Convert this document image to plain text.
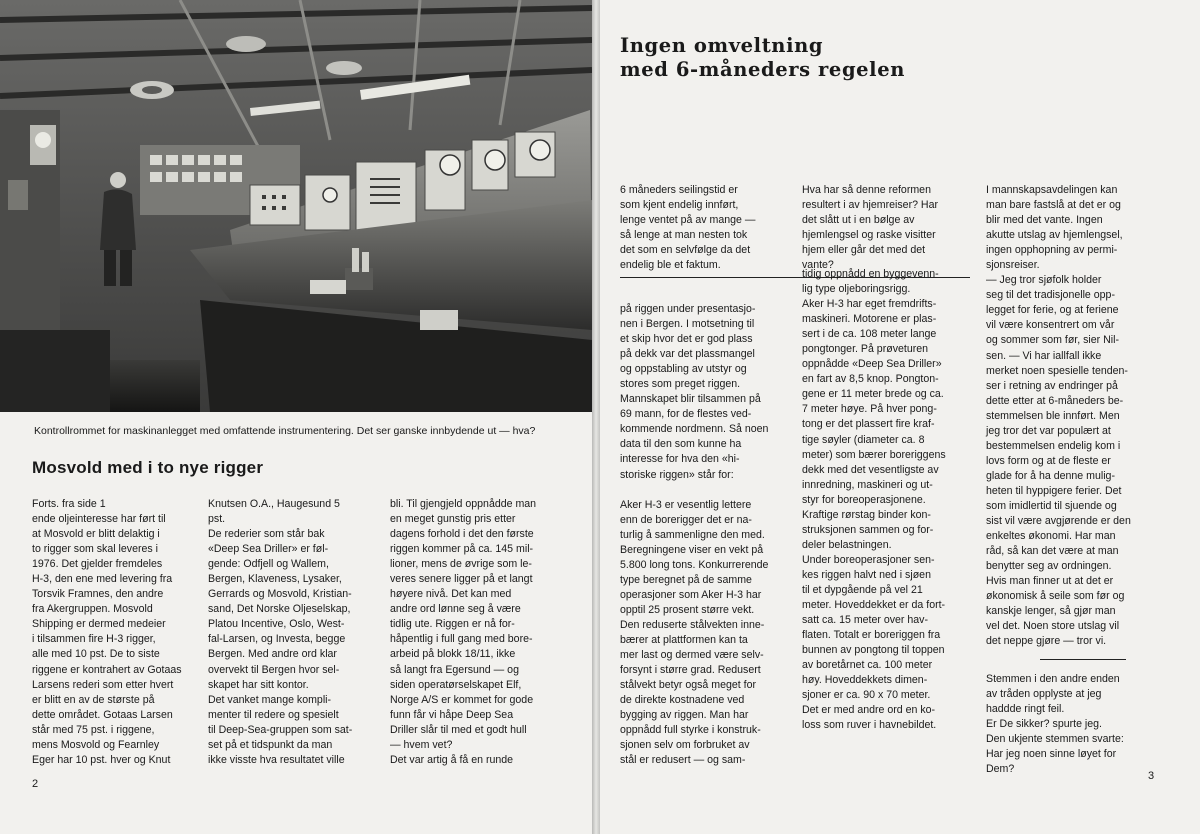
Kontrollrommet for maskinanlegget med omfattende instrumentering. Det ser ganske innbydende ut — hva?
Mosvold med i to nye rigger
Forts. fra side 1
ende oljeinteresse har ført til
at Mosvold er blitt delaktig i
to rigger som skal leveres i
1976. Det gjelder fremdeles
H-3, den ene med levering fra
Torsvik Framnes, den andre
fra Akergruppen. Mosvold
Shipping er dermed medeier
i tilsammen fire H-3 rigger,
alle med 10 pst. De to siste
riggene er kontrahert av Gotaas
Larsens rederi som etter hvert
er blitt en av de største på
dette området. Gotaas Larsen
står med 75 pst. i riggene,
mens Mosvold og Fearnley
Eger har 10 pst. hver og Knut
Knutsen O.A., Haugesund 5
pst.
De rederier som står bak
«Deep Sea Driller» er føl-
gende: Odfjell og Wallem,
Bergen, Klaveness, Lysaker,
Gerrards og Mosvold, Kristian-
sand, Det Norske Oljeselskap,
Platou Incentive, Oslo, West-
fal-Larsen, og Investa, begge
Bergen. Med andre ord klar
overvekt til Bergen hvor sel-
skapet har sitt kontor.
Det vanket mange kompli-
menter til redere og spesielt
til Deep-Sea-gruppen som sat-
set på et tidspunkt da man
ikke visste hva resultatet ville
bli. Til gjengjeld oppnådde man
en meget gunstig pris etter
dagens forhold i det den første
riggen kommer på ca. 145 mil-
lioner, mens de øvrige som le-
veres senere ligger på et langt
høyere nivå. Det kan med
andre ord lønne seg å være
tidlig ute. Riggen er nå for-
håpentlig i full gang med bore-
arbeid på blokk 18/11, ikke
så langt fra Egersund — og
siden operatørselskapet Elf,
Norge A/S er kommet for gode
funn får vi håpe Deep Sea
Driller slår til med et godt hull
— hvem vet?
Det var artig å få en runde
2
Ingen omveltning
med 6-måneders regelen
6 måneders seilingstid er
som kjent endelig innført,
lenge ventet på av mange —
så lenge at man nesten tok
det som en selvfølge da det
endelig ble et faktum.
Hva har så denne reformen
resultert i av hjemreiser? Har
det slått ut i en bølge av
hjemlengsel og raske visitter
hjem eller går det med det
vante?
på riggen under presentasjo-
nen i Bergen. I motsetning til
et skip hvor det er god plass
på dekk var det plassmangel
og oppstabling av utstyr og
stores som preget riggen.
Mannskapet blir tilsammen på
69 mann, for de flestes ved-
kommende nordmenn. Så noen
data til den som kunne ha
interesse for hva den «hi-
storiske riggen» står for:

Aker H-3 er vesentlig lettere
enn de borerigger det er na-
turlig å sammenligne den med.
Beregningene viser en vekt på
5.800 long tons. Konkurrerende
type beregnet på de samme
operasjoner som Aker H-3 har
opptil 25 prosent større vekt.
Den reduserte stålvekten inne-
bærer at plattformen kan ta
mer last og dermed være selv-
forsynt i større grad. Redusert
stålvekt betyr også meget for
de direkte kostnadene ved
bygging av riggen. Man har
oppnådd full styrke i konstruk-
sjonen selv om forbruket av
stål er redusert — og sam-
tidig oppnådd en byggevenn-
lig type oljeboringsrigg.
Aker H-3 har eget fremdrifts-
maskineri. Motorene er plas-
sert i de ca. 108 meter lange
pongtonger. På prøveturen
oppnådde «Deep Sea Driller»
en fart av 8,5 knop. Pongton-
gene er 11 meter brede og ca.
7 meter høye. På hver pong-
tong er det plassert fire kraf-
tige søyler (diameter ca. 8
meter) som bærer boreriggens
dekk med det vesentligste av
innredning, maskineri og ut-
styr for boreoperasjonene.
Kraftige rørstag binder kon-
struksjonen sammen og for-
deler belastningen.
Under boreoperasjoner sen-
kes riggen halvt ned i sjøen
til et dypgående på vel 21
meter. Hoveddekket er da fort-
satt ca. 15 meter over hav-
flaten. Totalt er boreriggen fra
bunnen av pongtong til toppen
av boretårnet ca. 100 meter
høy. Hoveddekkets dimen-
sjoner er ca. 90 x 70 meter.
Det er med andre ord en ko-
loss som ruver i havnebildet.
I mannskapsavdelingen kan
man bare fastslå at det er og
blir med det vante. Ingen
akutte utslag av hjemlengsel,
ingen opphopning av permi-
sjonsreiser.
— Jeg tror sjøfolk holder
seg til det tradisjonelle opp-
legget for ferie, og at feriene
vil være konsentrert om vår
og sommer som før, sier Nil-
sen. — Vi har iallfall ikke
merket noen spesielle tenden-
ser i retning av endringer på
dette etter at 6-måneders be-
stemmelsen ble innført. Men
jeg tror det var populært at
bestemmelsen endelig kom i
lovs form og at de fleste er
glade for å ha denne mulig-
heten til hyppigere ferier. Det
som imidlertid til sjuende og
sist vil være avgjørende er den
enkeltes økonomi. Har man
råd, så kan det være at man
benytter seg av ordningen.
Hvis man finner ut at det er
økonomisk å seile som før og
kanskje lenger, så gjør man
vel det. Noen store utslag vil
det neppe gjøre — tror vi.
Stemmen i den andre enden
av tråden opplyste at jeg
haddde ringt feil.
Er De sikker? spurte jeg.
Den ukjente stemmen svarte:
Har jeg noen sinne løyet for
Dem?
3
